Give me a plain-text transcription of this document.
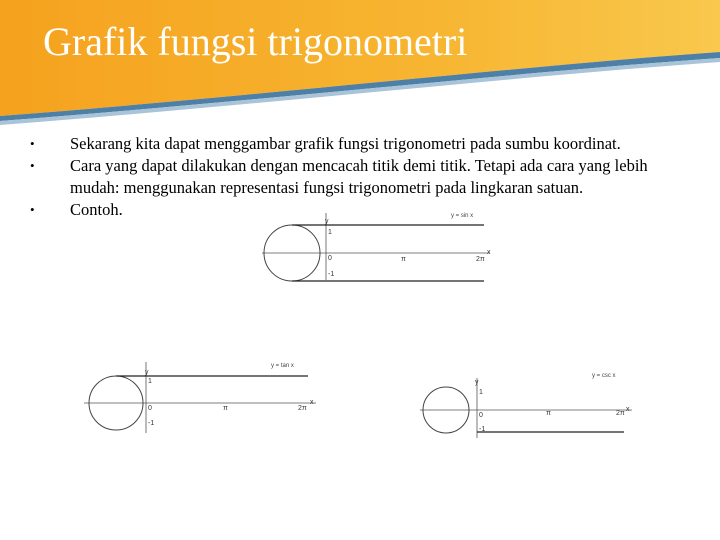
Grafik fungsi trigonometri
•	Sekarang kita dapat menggambar grafik fungsi trigonometri pada sumbu koordinat.
•	Cara yang dapat dilakukan dengan mencacah titik demi titik. Tetapi ada cara yang lebih mudah: menggunakan representasi fungsi trigonometri pada lingkaran satuan.
•	Contoh.
y
1
0
-1
π	2π
x
y = sin x
y
1
0
-1
π	2π
x
y = tan x
y
1
0
-1
π	2π
x
y = csc x
